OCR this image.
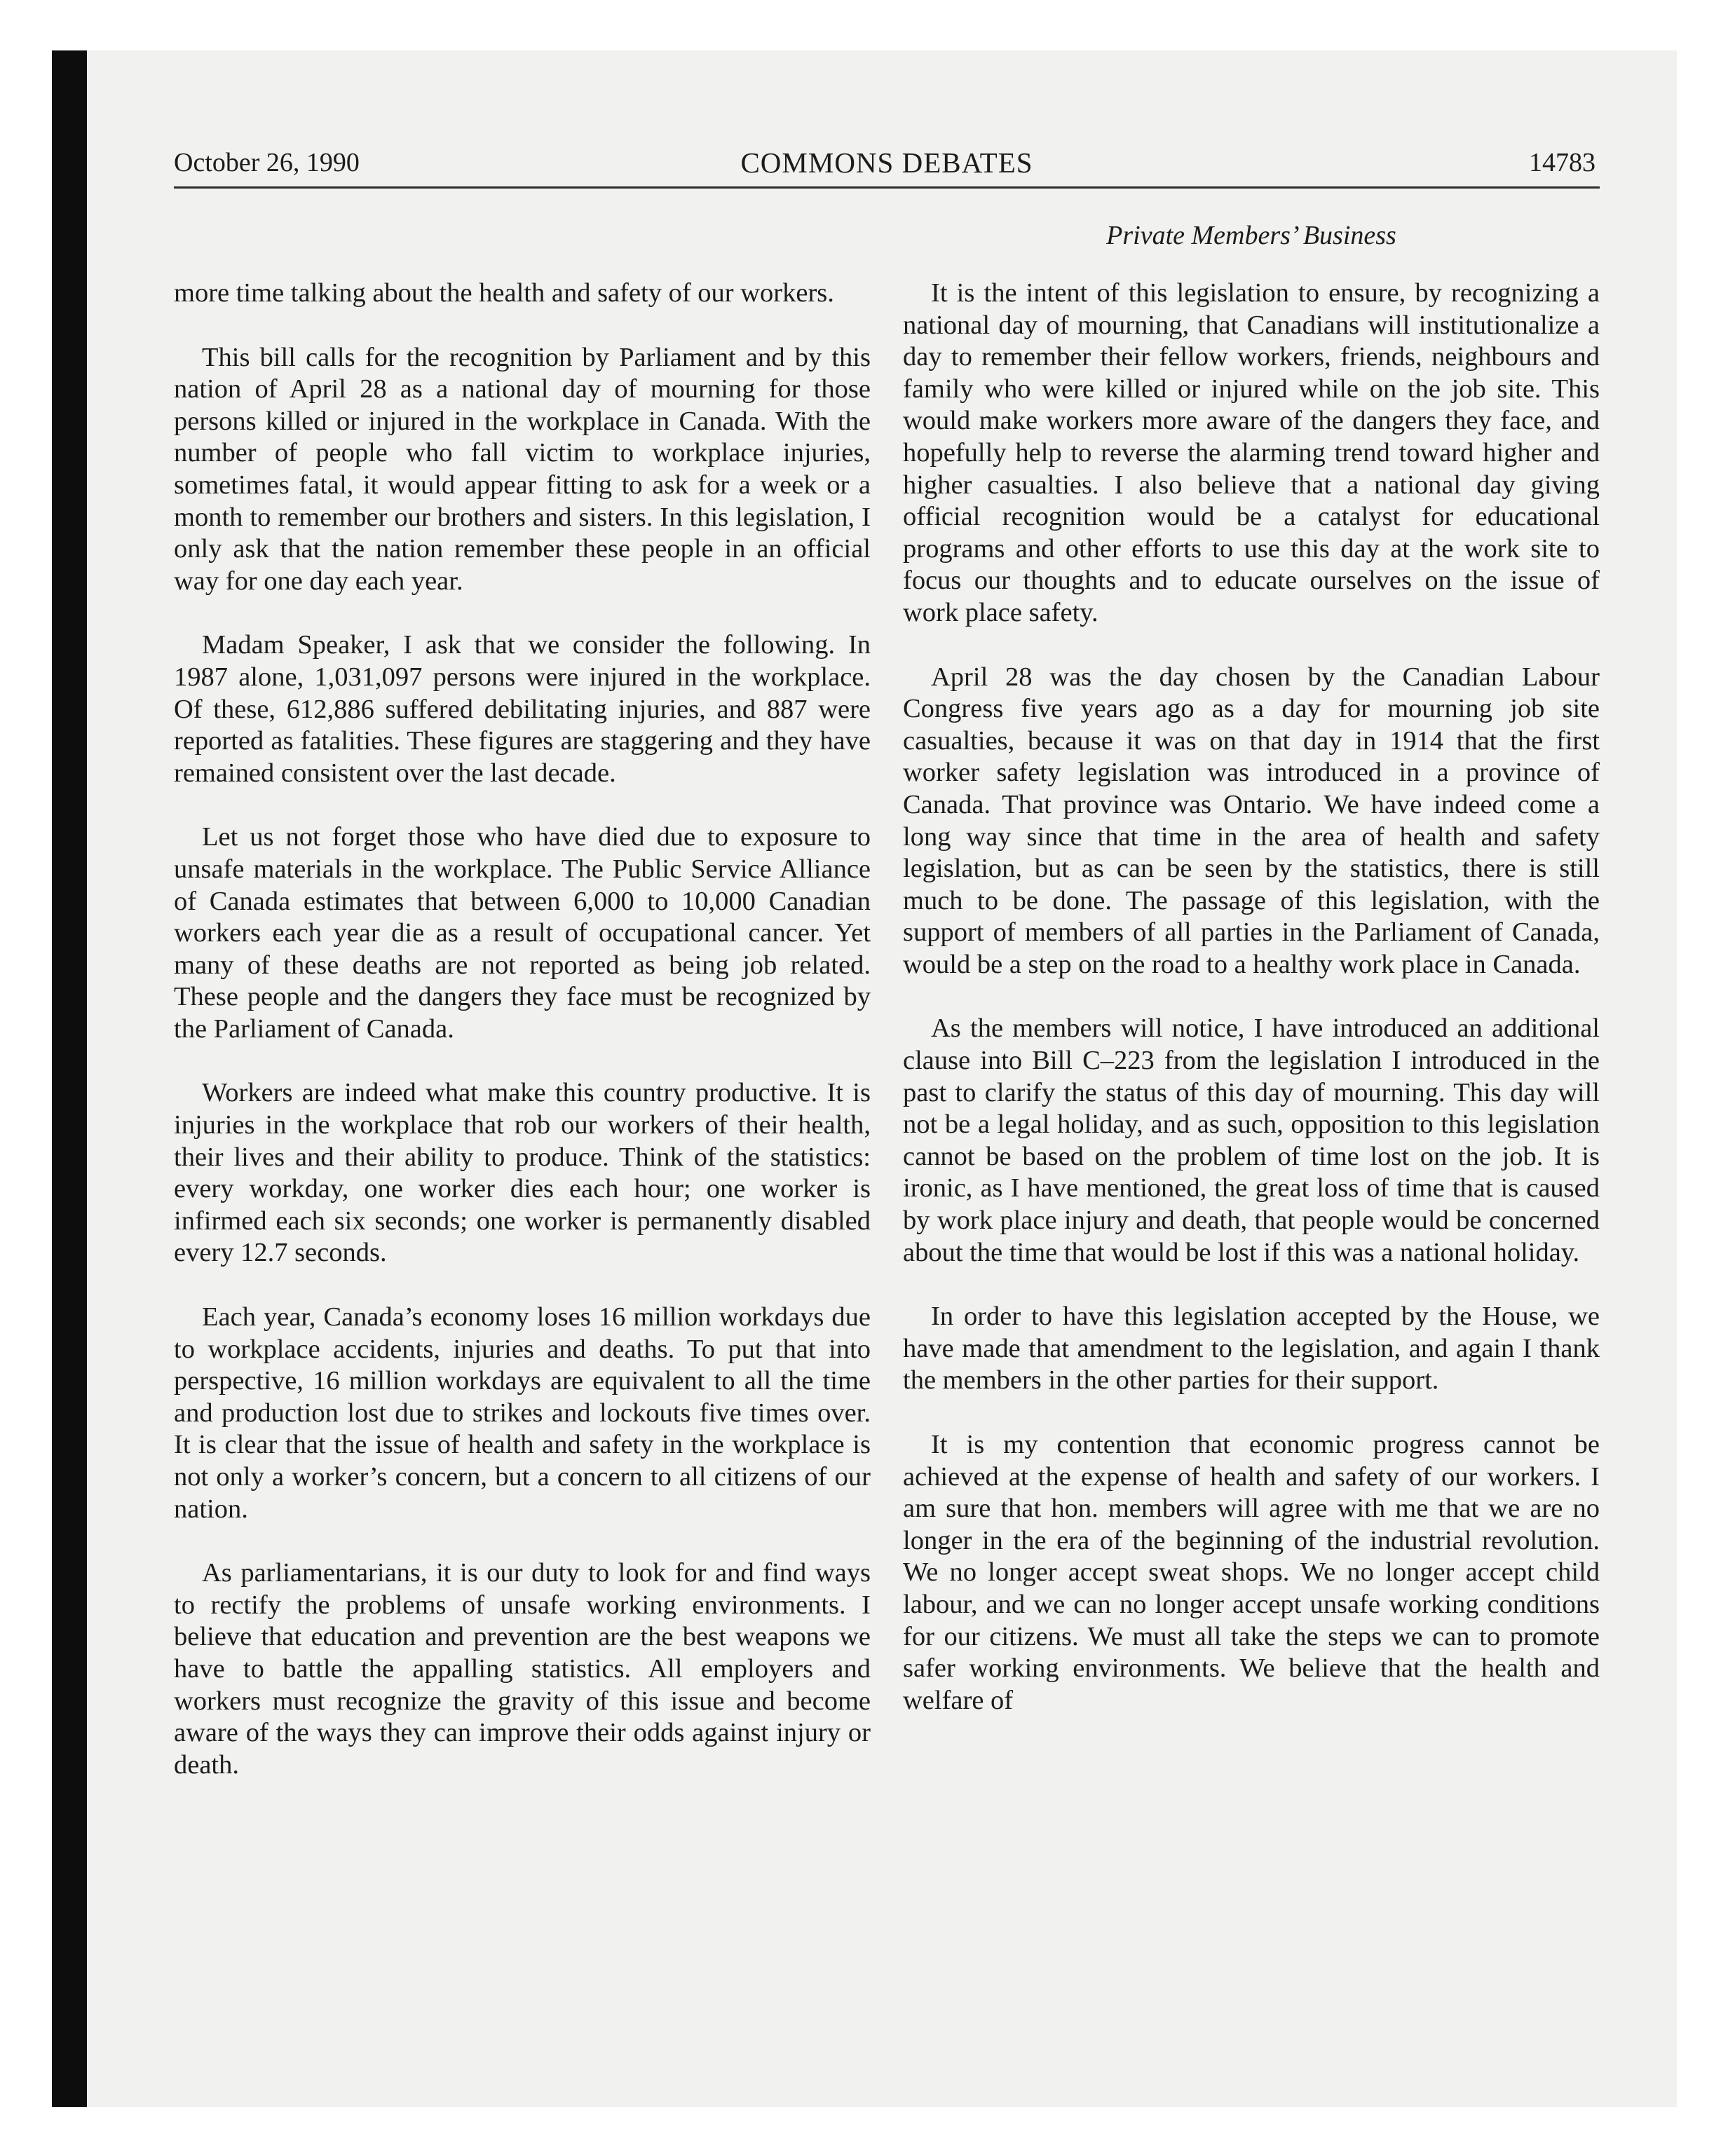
October 26, 1990	COMMONS DEBATES	14783
Private Members’ Business

more time talking about the health and safety of our workers.

This bill calls for the recognition by Parliament and by this nation of April 28 as a national day of mourning for those persons killed or injured in the workplace in Canada. With the number of people who fall victim to workplace injuries, sometimes fatal, it would appear fitting to ask for a week or a month to remember our brothers and sisters. In this legislation, I only ask that the nation remember these people in an official way for one day each year.

Madam Speaker, I ask that we consider the following. In 1987 alone, 1,031,097 persons were injured in the workplace. Of these, 612,886 suffered debilitating injuries, and 887 were reported as fatalities. These figures are staggering and they have remained consistent over the last decade.

Let us not forget those who have died due to exposure to unsafe materials in the workplace. The Public Service Alliance of Canada estimates that between 6,000 to 10,000 Canadian workers each year die as a result of occupational cancer. Yet many of these deaths are not reported as being job related. These people and the dangers they face must be recognized by the Parliament of Canada.

Workers are indeed what make this country productive. It is injuries in the workplace that rob our workers of their health, their lives and their ability to produce. Think of the statistics: every workday, one worker dies each hour; one worker is infirmed each six seconds; one worker is permanently disabled every 12.7 seconds.

Each year, Canada’s economy loses 16 million workdays due to workplace accidents, injuries and deaths. To put that into perspective, 16 million workdays are equivalent to all the time and production lost due to strikes and lockouts five times over. It is clear that the issue of health and safety in the workplace is not only a worker’s concern, but a concern to all citizens of our nation.

As parliamentarians, it is our duty to look for and find ways to rectify the problems of unsafe working environments. I believe that education and prevention are the best weapons we have to battle the appalling statistics. All employers and workers must recognize the gravity of this issue and become aware of the ways they can improve their odds against injury or death.

It is the intent of this legislation to ensure, by recognizing a national day of mourning, that Canadians will institutionalize a day to remember their fellow workers, friends, neighbours and family who were killed or injured while on the job site. This would make workers more aware of the dangers they face, and hopefully help to reverse the alarming trend toward higher and higher casualties. I also believe that a national day giving official recognition would be a catalyst for educational programs and other efforts to use this day at the work site to focus our thoughts and to educate ourselves on the issue of work place safety.

April 28 was the day chosen by the Canadian Labour Congress five years ago as a day for mourning job site casualties, because it was on that day in 1914 that the first worker safety legislation was introduced in a province of Canada. That province was Ontario. We have indeed come a long way since that time in the area of health and safety legislation, but as can be seen by the statistics, there is still much to be done. The passage of this legislation, with the support of members of all parties in the Parliament of Canada, would be a step on the road to a healthy work place in Canada.

As the members will notice, I have introduced an additional clause into Bill C–223 from the legislation I introduced in the past to clarify the status of this day of mourning. This day will not be a legal holiday, and as such, opposition to this legislation cannot be based on the problem of time lost on the job. It is ironic, as I have mentioned, the great loss of time that is caused by work place injury and death, that people would be concerned about the time that would be lost if this was a national holiday.

In order to have this legislation accepted by the House, we have made that amendment to the legislation, and again I thank the members in the other parties for their support.

It is my contention that economic progress cannot be achieved at the expense of health and safety of our workers. I am sure that hon. members will agree with me that we are no longer in the era of the beginning of the industrial revolution. We no longer accept sweat shops. We no longer accept child labour, and we can no longer accept unsafe working conditions for our citizens. We must all take the steps we can to promote safer working environments. We believe that the health and welfare of
